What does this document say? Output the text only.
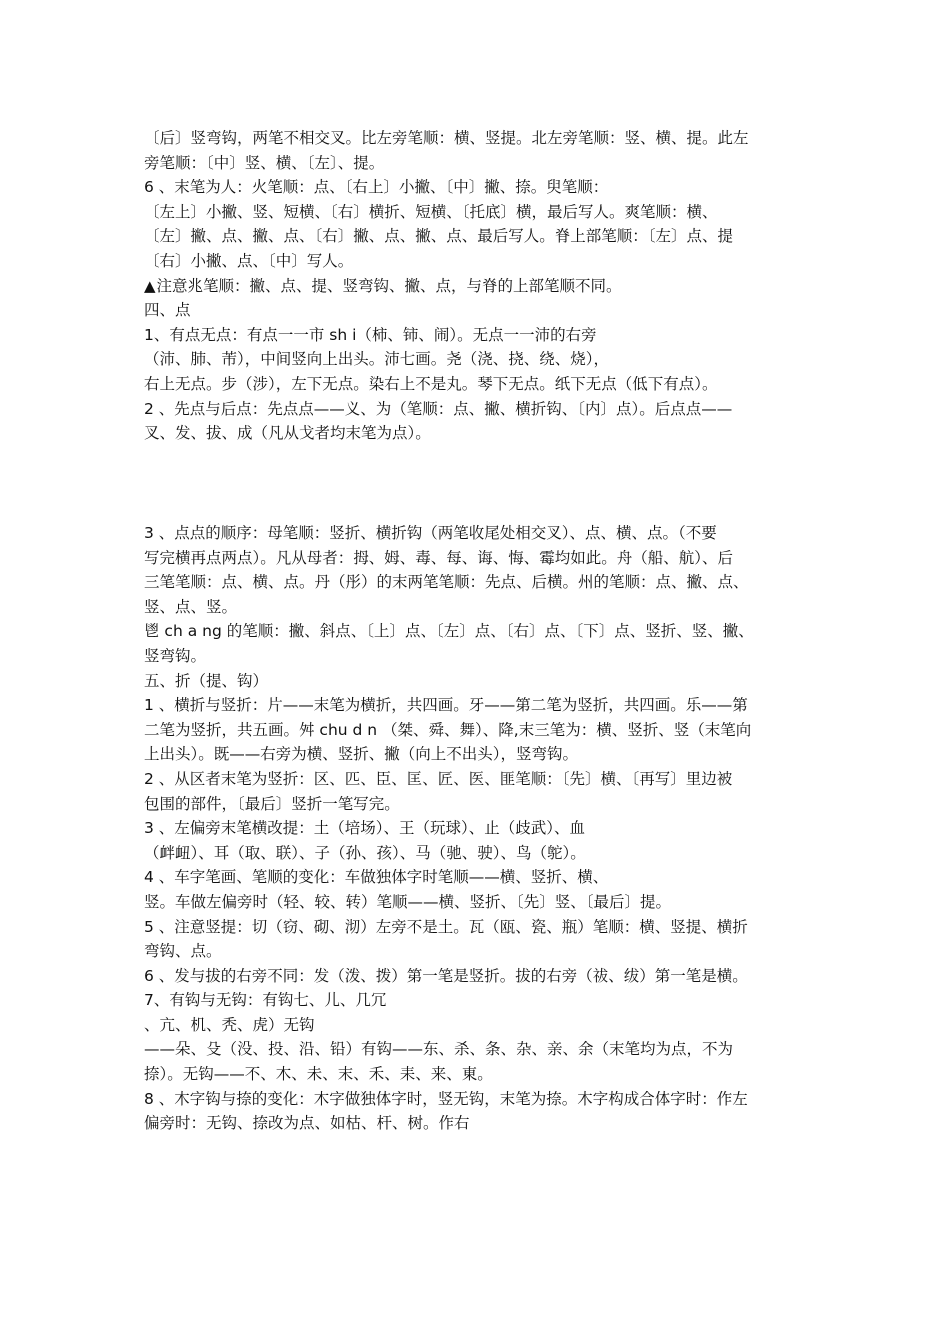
〔后〕竖弯钩，两笔不相交叉。比左旁笔顺：横、竖提。北左旁笔顺：竖、横、提。此左
旁笔顺：〔中〕竖、横、〔左〕、提。
6 、末笔为人：火笔顺：点、〔右上〕小撇、〔中〕撇、捺。臾笔顺：
〔左上〕小撇、竖、短横、〔右〕横折、短横、〔托底〕横，最后写人。爽笔顺：横、
〔左〕撇、点、撇、点、〔右〕撇、点、撇、点、最后写人。脊上部笔顺：〔左〕点、提
〔右〕小撇、点、〔中〕写人。
▲注意兆笔顺：撇、点、提、竖弯钩、撇、点，与脊的上部笔顺不同。
四、点
1、有点无点：有点一一市 sh i（柿、铈、闹）。无点一一沛的右旁
（沛、肺、芾），中间竖向上出头。沛七画。尧（浇、挠、绕、烧），
右上无点。步（涉），左下无点。染右上不是丸。琴下无点。纸下无点（低下有点）。
2 、先点与后点：先点点——义、为（笔顺：点、撇、横折钩、〔内〕点）。后点点——
叉、发、拔、成（凡从戈者均末笔为点）。
3 、点点的顺序：母笔顺：竖折、横折钩（两笔收尾处相交叉）、点、横、点。（不要
写完横再点两点）。凡从母者：拇、姆、毒、每、诲、悔、霉均如此。舟（船、航）、后
三笔笔顺：点、横、点。丹（彤）的末两笔笔顺：先点、后横。州的笔顺：点、撇、点、
竖、点、竖。
鬯 ch a ng 的笔顺：撇、斜点、〔上〕点、〔左〕点、〔右〕点、〔下〕点、竖折、竖、撇、
竖弯钩。
五、折（提、钩）
1 、横折与竖折：片——末笔为横折，共四画。牙——第二笔为竖折，共四画。乐——第
二笔为竖折，共五画。舛 chu d n （桀、舜、舞）、降,末三笔为：横、竖折、竖（末笔向
上出头）。既——右旁为横、竖折、撇（向上不出头），竖弯钩。
2 、从区者末笔为竖折：区、匹、臣、匡、匠、医、匪笔顺：〔先〕横、〔再写〕里边被
包围的部件，〔最后〕竖折一笔写完。
3 、左偏旁末笔横改提：土（培场）、王（玩球）、止（歧武）、血
（衅衄）、耳（取、联）、子（孙、孩）、马（驰、驶）、鸟（鸵）。
4 、车字笔画、笔顺的变化：车做独体字时笔顺——横、竖折、横、
竖。车做左偏旁时（轻、较、转）笔顺——横、竖折、〔先〕竖、〔最后〕提。
5 、注意竖提：切（窃、砌、沏）左旁不是土。瓦（瓯、瓷、瓶）笔顺：横、竖提、横折
弯钩、点。
6 、发与拔的右旁不同：发（泼、拨）第一笔是竖折。拔的右旁（祓、绂）第一笔是横。
7、有钩与无钩：有钩七、儿、几冗
、亢、机、秃、虎）无钩
——朵、殳（没、投、沿、铅）有钩——东、杀、条、杂、亲、余（末笔均为点，不为
捺）。无钩——不、木、未、末、禾、耒、来、東。
8 、木字钩与捺的变化：木字做独体字时，竖无钩，末笔为捺。木字构成合体字时：作左
偏旁时：无钩、捺改为点、如枯、杆、树。作右
